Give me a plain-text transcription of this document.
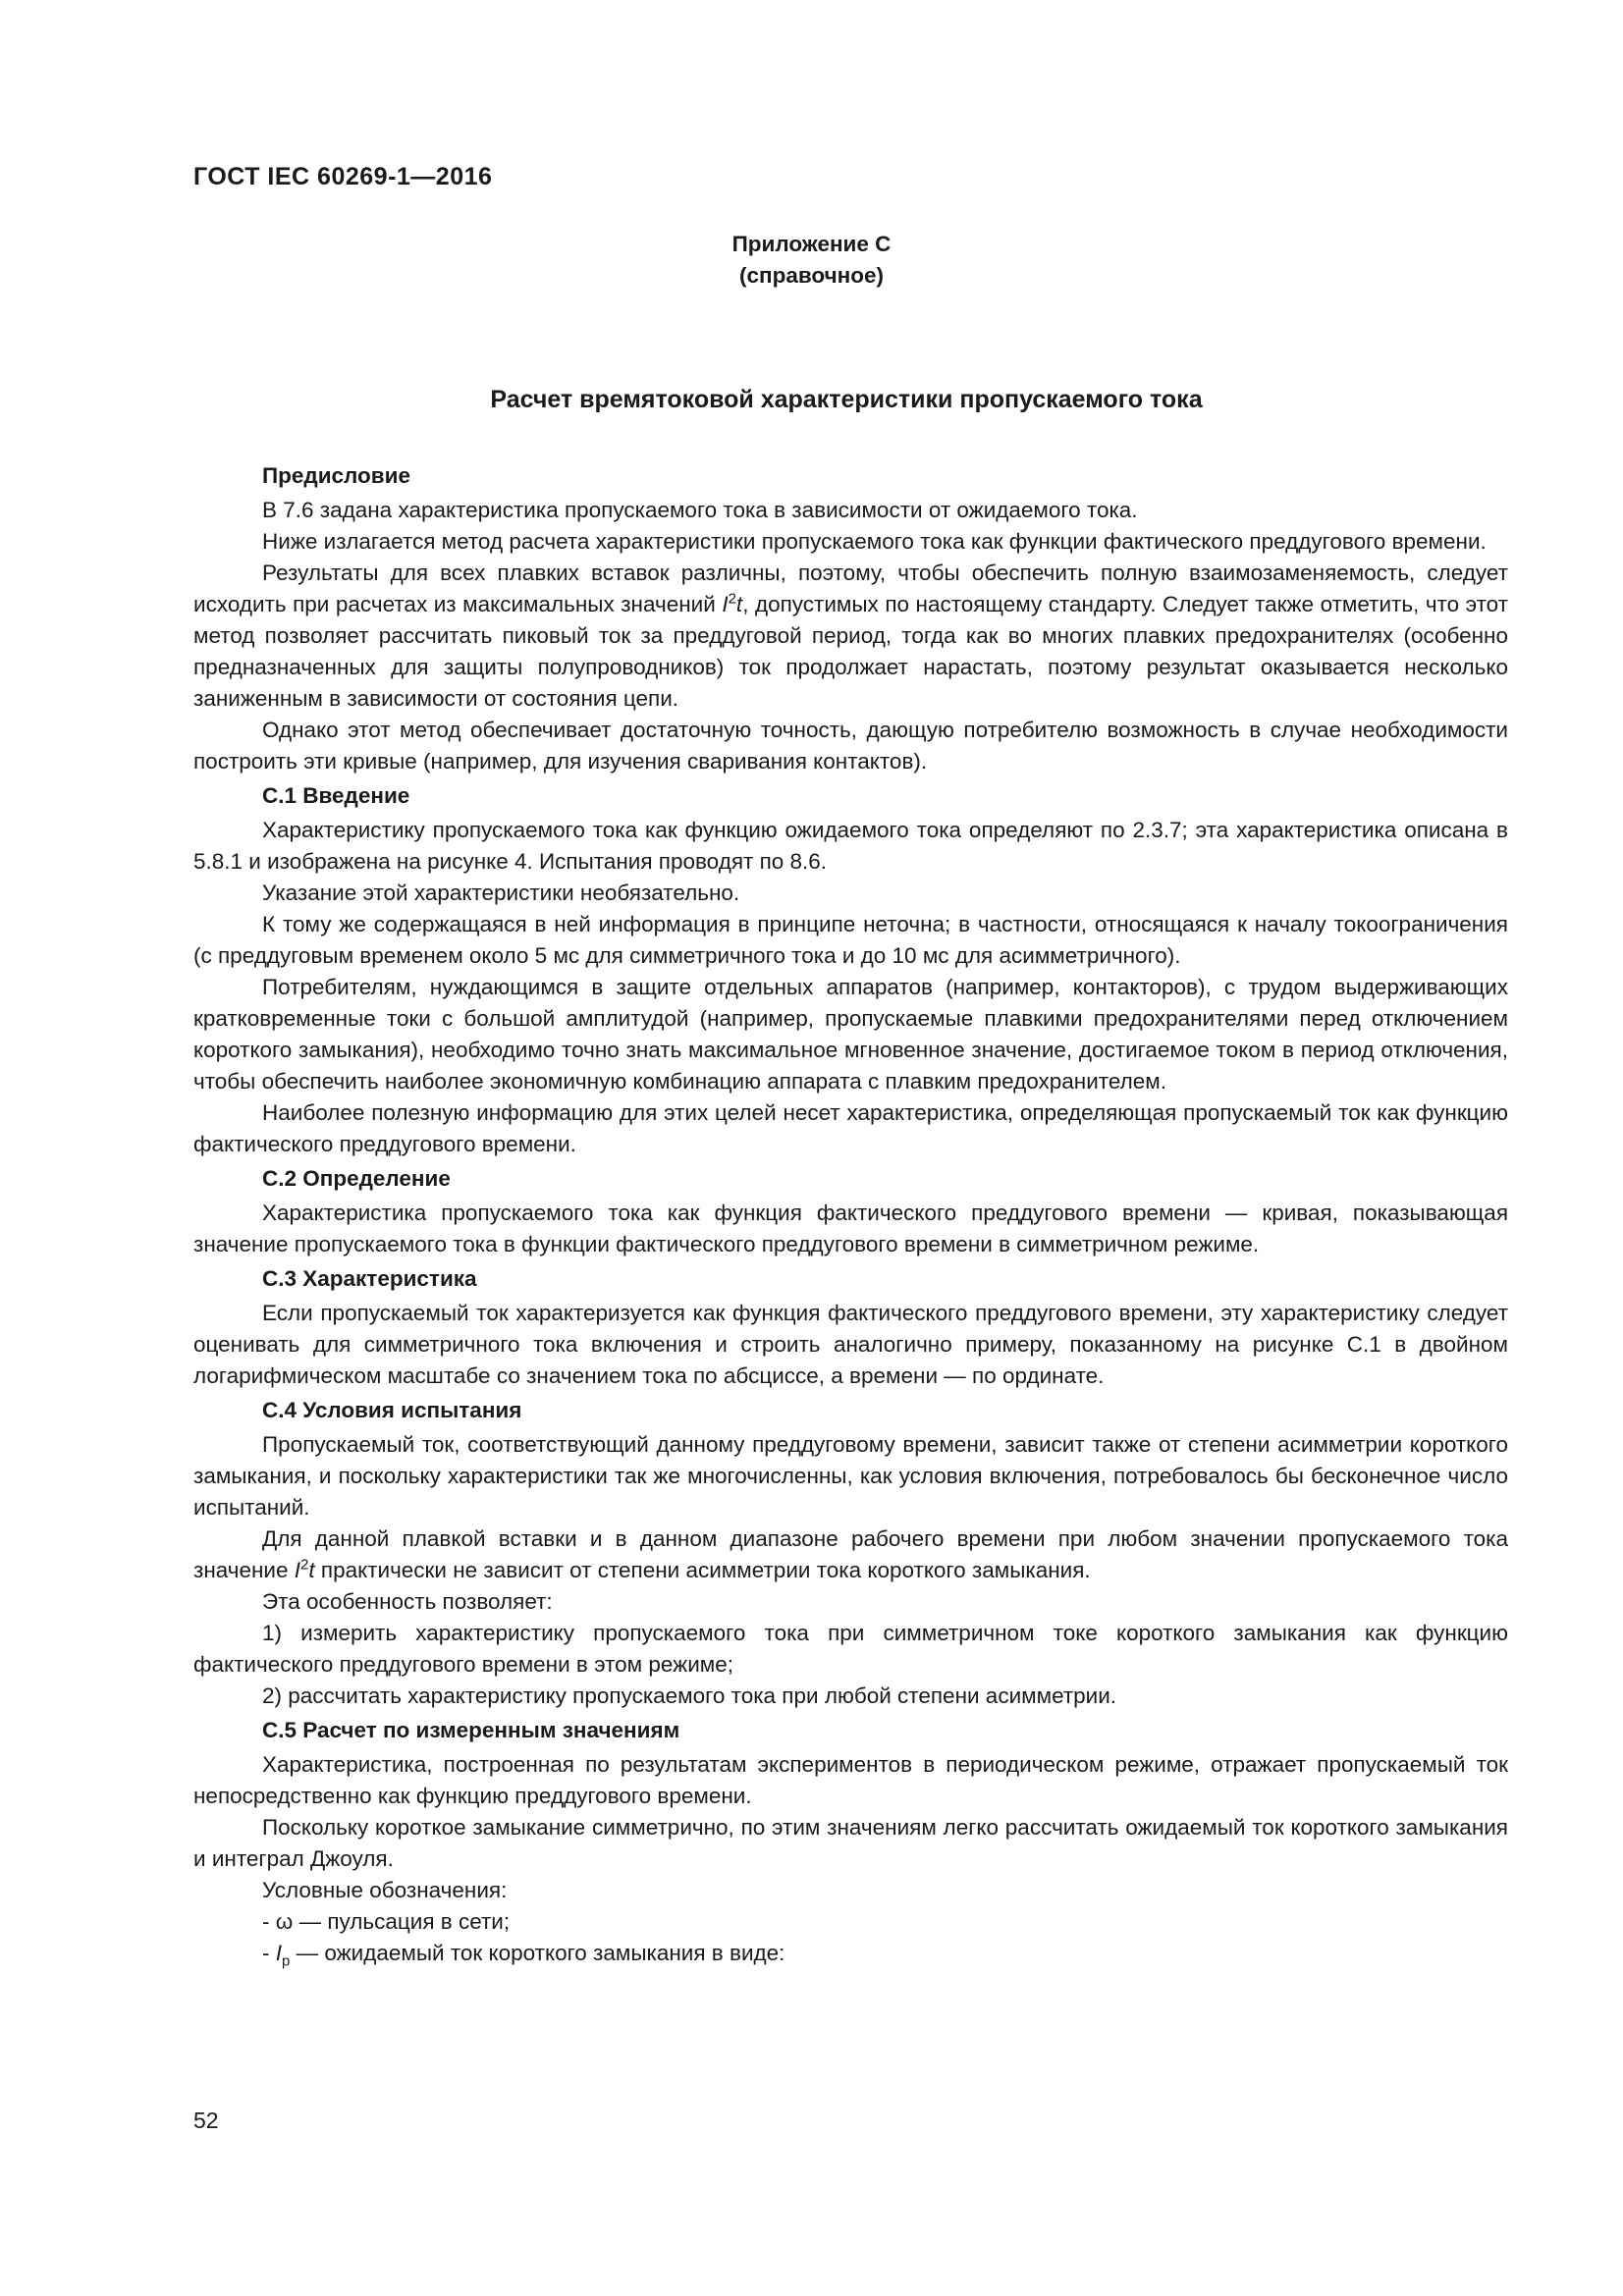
ГОСТ IEC 60269-1—2016
Приложение С
(справочное)
Расчет времятоковой характеристики пропускаемого тока

Предисловие

В 7.6 задана характеристика пропускаемого тока в зависимости от ожидаемого тока.

Ниже излагается метод расчета характеристики пропускаемого тока как функции фактического преддугового времени.

Результаты для всех плавких вставок различны, поэтому, чтобы обеспечить полную взаимозаменяемость, следует исходить при расчетах из максимальных значений $I^2t$, допустимых по настоящему стандарту. Следует также отметить, что этот метод позволяет рассчитать пиковый ток за преддуговой период, тогда как во многих плавких предохранителях (особенно предназначенных для защиты полупроводников) ток продолжает нарастать, поэтому результат оказывается несколько заниженным в зависимости от состояния цепи.

Однако этот метод обеспечивает достаточную точность, дающую потребителю возможность в случае необходимости построить эти кривые (например, для изучения сваривания контактов).

С.1 Введение

Характеристику пропускаемого тока как функцию ожидаемого тока определяют по 2.3.7; эта характеристика описана в 5.8.1 и изображена на рисунке 4. Испытания проводят по 8.6.

Указание этой характеристики необязательно.

К тому же содержащаяся в ней информация в принципе неточна; в частности, относящаяся к началу токоограничения (с преддуговым временем около 5 мс для симметричного тока и до 10 мс для асимметричного).

Потребителям, нуждающимся в защите отдельных аппаратов (например, контакторов), с трудом выдерживающих кратковременные токи с большой амплитудой (например, пропускаемые плавкими предохранителями перед отключением короткого замыкания), необходимо точно знать максимальное мгновенное значение, достигаемое током в период отключения, чтобы обеспечить наиболее экономичную комбинацию аппарата с плавким предохранителем.

Наиболее полезную информацию для этих целей несет характеристика, определяющая пропускаемый ток как функцию фактического преддугового времени.

С.2 Определение

Характеристика пропускаемого тока как функция фактического преддугового времени — кривая, показывающая значение пропускаемого тока в функции фактического преддугового времени в симметричном режиме.

С.3 Характеристика

Если пропускаемый ток характеризуется как функция фактического преддугового времени, эту характеристику следует оценивать для симметричного тока включения и строить аналогично примеру, показанному на рисунке С.1 в двойном логарифмическом масштабе со значением тока по абсциссе, а времени — по ординате.

С.4 Условия испытания

Пропускаемый ток, соответствующий данному преддуговому времени, зависит также от степени асимметрии короткого замыкания, и поскольку характеристики так же многочисленны, как условия включения, потребовалось бы бесконечное число испытаний.

Для данной плавкой вставки и в данном диапазоне рабочего времени при любом значении пропускаемого тока значение $I^2t$ практически не зависит от степени асимметрии тока короткого замыкания.

Эта особенность позволяет:

1) измерить характеристику пропускаемого тока при симметричном токе короткого замыкания как функцию фактического преддугового времени в этом режиме;

2) рассчитать характеристику пропускаемого тока при любой степени асимметрии.

С.5 Расчет по измеренным значениям

Характеристика, построенная по результатам экспериментов в периодическом режиме, отражает пропускаемый ток непосредственно как функцию преддугового времени.

Поскольку короткое замыкание симметрично, по этим значениям легко рассчитать ожидаемый ток короткого замыкания и интеграл Джоуля.

Условные обозначения:

- ω — пульсация в сети;

- $I_p$ — ожидаемый ток короткого замыкания в виде:

52
